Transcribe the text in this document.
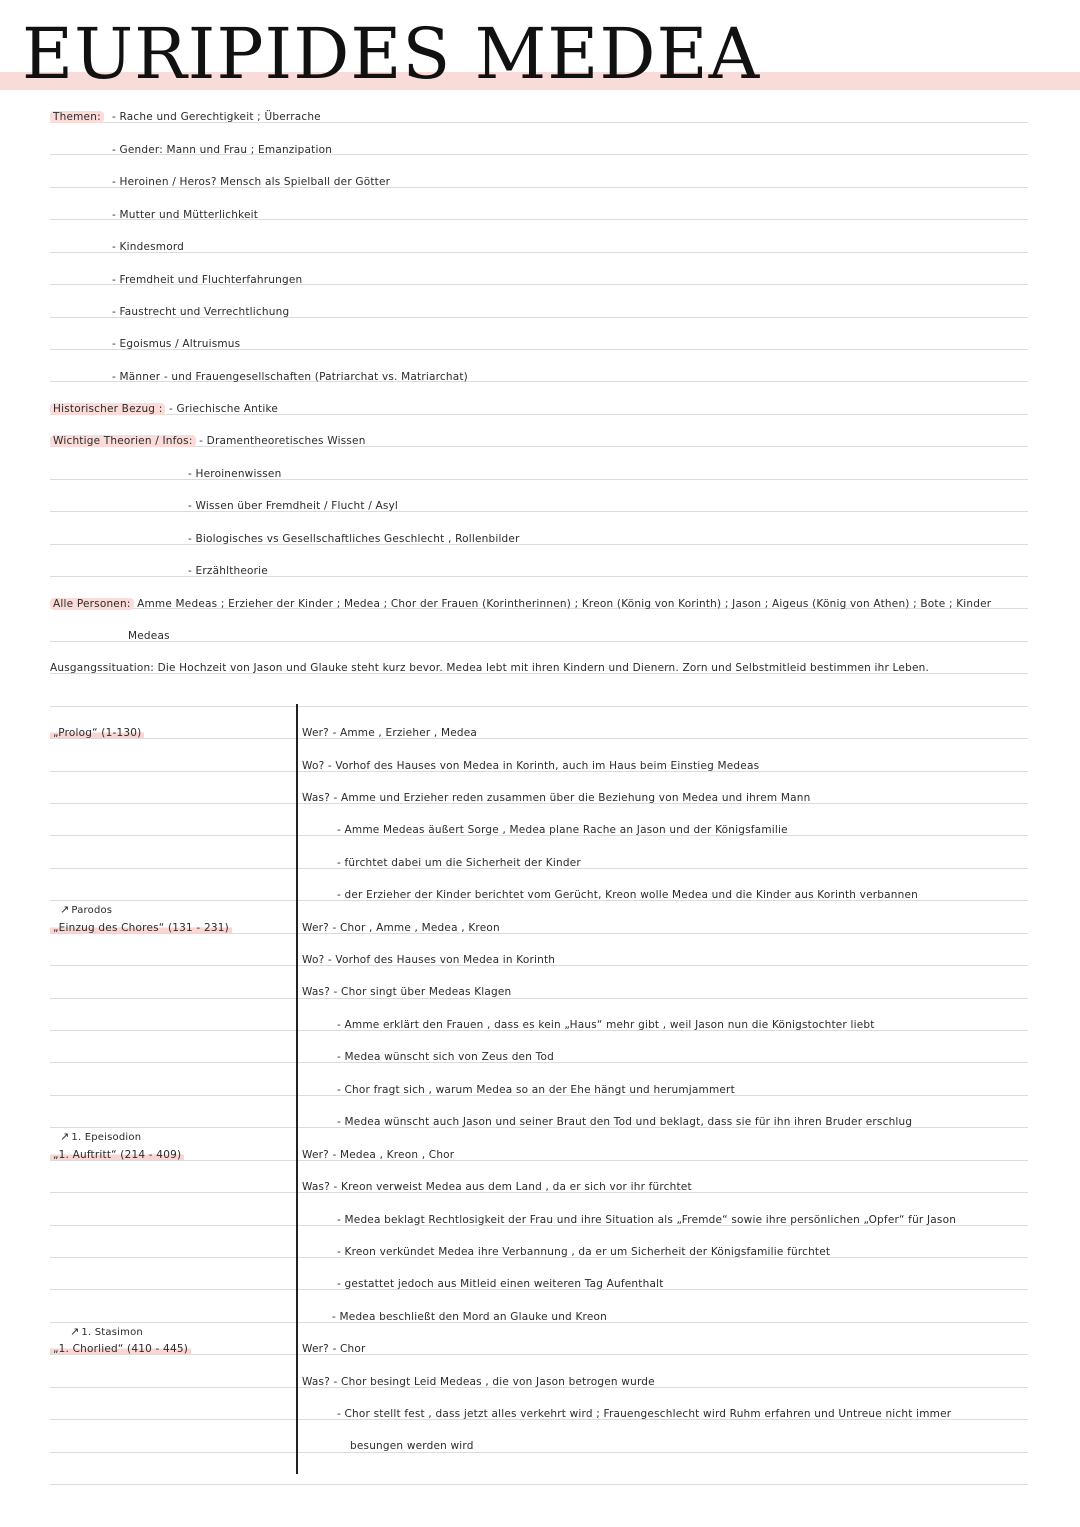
EURIPIDES MEDEA
Themen: - Rache und Gerechtigkeit ; Überrache
- Gender: Mann und Frau ; Emanzipation
- Heroinen / Heros? Mensch als Spielball der Götter
- Mutter und Mütterlichkeit
- Kindesmord
- Fremdheit und Fluchterfahrungen
- Faustrecht und Verrechtlichung
- Egoismus / Altruismus
- Männer - und Frauengesellschaften (Patriarchat vs. Matriarchat)
Historischer Bezug : - Griechische Antike
Wichtige Theorien / Infos: - Dramentheoretisches Wissen
- Heroinenwissen
- Wissen über Fremdheit / Flucht / Asyl
- Biologisches vs Gesellschaftliches Geschlecht , Rollenbilder
- Erzähltheorie
Alle Personen: Amme Medeas ; Erzieher der Kinder ; Medea ; Chor der Frauen (Korintherinnen) ; Kreon (König von Korinth) ; Jason ; Aigeus (König von Athen) ; Bote ; Kinder
Medeas
Ausgangssituation: Die Hochzeit von Jason und Glauke steht kurz bevor. Medea lebt mit ihren Kindern und Dienern. Zorn und Selbstmitleid bestimmen ihr Leben.
„Prolog“ (1-130)	Wer? - Amme , Erzieher , Medea
Wo? - Vorhof des Hauses von Medea in Korinth, auch im Haus beim Einstieg Medeas
Was? - Amme und Erzieher reden zusammen über die Beziehung von Medea und ihrem Mann
- Amme Medeas äußert Sorge , Medea plane Rache an Jason und der Königsfamilie
- fürchtet dabei um die Sicherheit der Kinder
- der Erzieher der Kinder berichtet vom Gerücht, Kreon wolle Medea und die Kinder aus Korinth verbannen
↗ Parodos
„Einzug des Chores“ (131 - 231)	Wer? - Chor , Amme , Medea , Kreon
Wo? - Vorhof des Hauses von Medea in Korinth
Was? - Chor singt über Medeas Klagen
- Amme erklärt den Frauen , dass es kein „Haus“ mehr gibt , weil Jason nun die Königstochter liebt
- Medea wünscht sich von Zeus den Tod
- Chor fragt sich , warum Medea so an der Ehe hängt und herumjammert
- Medea wünscht auch Jason und seiner Braut den Tod und beklagt, dass sie für ihn ihren Bruder erschlug
↗ 1. Epeisodion
„1. Auftritt“ (214 - 409)	Wer? - Medea , Kreon , Chor
Was? - Kreon verweist Medea aus dem Land , da er sich vor ihr fürchtet
- Medea beklagt Rechtlosigkeit der Frau und ihre Situation als „Fremde“ sowie ihre persönlichen „Opfer“ für Jason
- Kreon verkündet Medea ihre Verbannung , da er um Sicherheit der Königsfamilie fürchtet
- gestattet jedoch aus Mitleid einen weiteren Tag Aufenthalt
- Medea beschließt den Mord an Glauke und Kreon
↗ 1. Stasimon
„1. Chorlied“ (410 - 445)	Wer? - Chor
Was? - Chor besingt Leid Medeas , die von Jason betrogen wurde
- Chor stellt fest , dass jetzt alles verkehrt wird ; Frauengeschlecht wird Ruhm erfahren und Untreue nicht immer
besungen werden wird
